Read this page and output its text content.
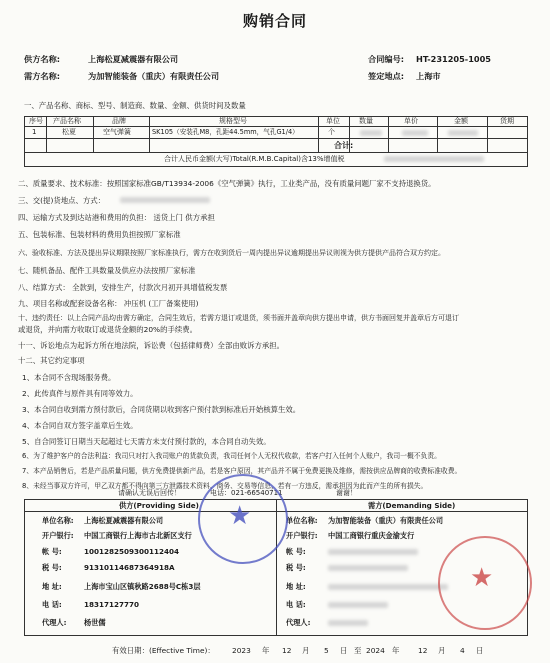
购销合同
供方名称:	上海松夏减震器有限公司
需方名称:	为加智能装备（重庆）有限责任公司
合同编号: HT-231205-1005
签定地点: 上海市
一、产品名称、商标、型号、制造商、数量、金额、供货时间及数量
序号 产品名称	品牌	规格型号	单位	数量	单价	金额	货期
1	松夏	空气弹簧	SK105（安装孔M8，孔距44.5mm，气孔G1/4）	个
合计:
合计人民币金额(大写)Total(R.M.B.Capital)含13%增值税
二、质量要求、技术标准：按照国家标准GB/T13934-2006《空气弹簧》执行，工业类产品，没有质量问题厂家不支持退换货。
三、交(提)货地点、方式：
四、运输方式及到达站港和费用的负担： 送货上门 供方承担
五、包装标准、包装材料的费用负担按照厂家标准
六、验收标准、方法及提出异议期限按照厂家标准执行，需方在收到货后一周内提出异议逾期提出异议则视为供方提供产品符合双方约定。
七、随机备品、配件工具数量及供应办法按照厂家标准
八、结算方式： 全款到，安排生产，付款次月初开具增值税发票
九、项目名称或配套设备名称： 冲压机 (工厂备案使用)
十、违约责任：以上合同产品均由需方确定，合同生效后，若需方退订或退货，须书面并盖章向供方提出申请，供方书面回复并盖章后方可退订
或退货，并向需方收取订或退货金额的20%的手续费。
十一、诉讼地点为起诉方所在地法院，诉讼费（包括律师费）全部由败诉方承担。
十二、其它约定事项
1、本合同不含现场服务费。
2、此传真件与原件具有同等效力。
3、本合同自收到需方预付款后，合同货期以收到客户预付款到标准后开始核算生效。
4、本合同自双方签字盖章后生效。
5、自合同签订日期当天起超过七天需方未支付预付款的，本合同自动失效。
6、为了维护客户的合法利益：我司只对打入我司账户的货款负责，我司任何个人无权代收款，若客户打入任何个人账户，我司一概不负责。
7、本产品销售后，若是产品质量问题，供方免费提供新产品，若是客户原因，其产品并不属于免费更换及维修，需按供应品牌商的收费标准收费。
8、未经当事双方许可，甲乙双方都不得向第三方泄露技术资料、商务、交易等信息，若有一方违反，需承担因为此而产生的所有损失。
请确认无误后回传！	电话：021-66540711	谢谢！
供方(Providing Side)	需方(Demanding Side)
单位名称: 上海松夏减震器有限公司	单位名称: 为加智能装备（重庆）有限责任公司
开户银行: 中国工商银行上海市古北新区支行	开户银行: 中国工商银行重庆金渝支行
帐 号:	1001282509300112404	帐 号:
税 号:	91310114687364918A	税 号:
地 址:	上海市宝山区镇秋路2688号C栋3层	地 址:
电 话:	18317127770	电 话:
代理人: 杨世儒	代理人:
★
★
有效日期：(Effective Time)： 2023 年 12 月 5 日 至 2024 年	12 月 4 日
